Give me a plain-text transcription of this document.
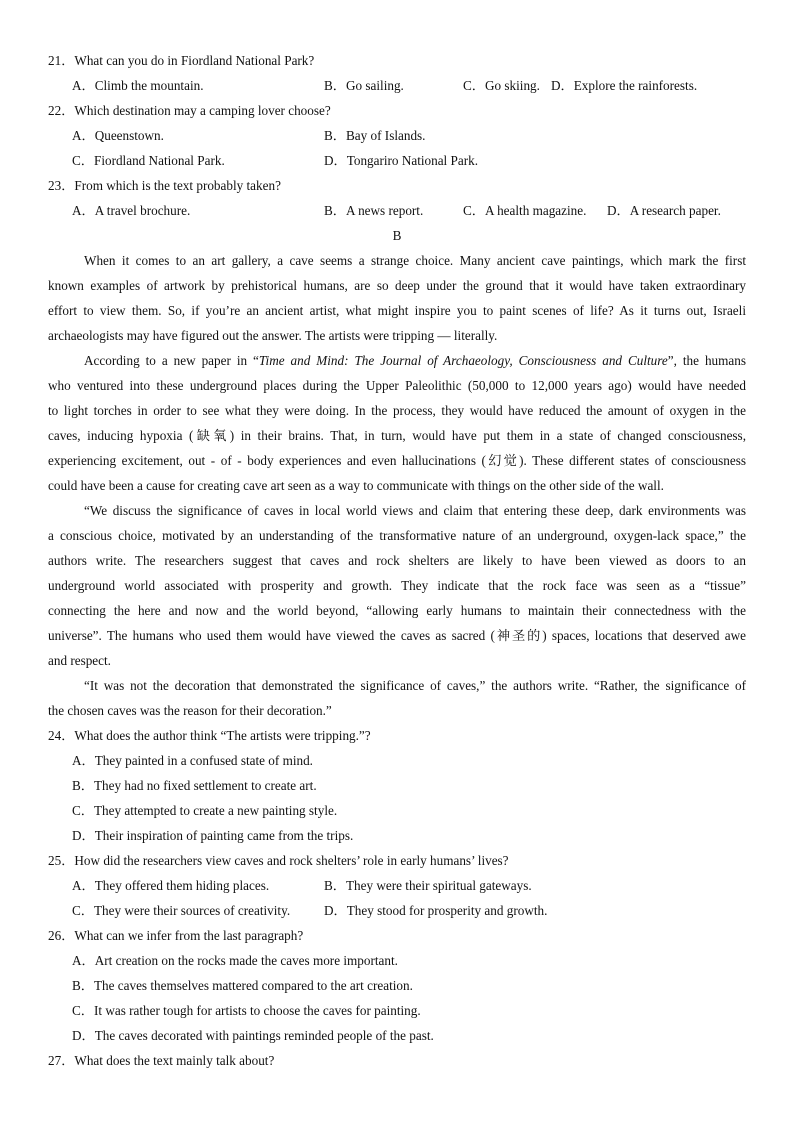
21．What can you do in Fiordland National Park?
A．Climb the mountain.	B．Go sailing.	C．Go skiing. D．Explore the rainforests.
22．Which destination may a camping lover choose?
A．Queenstown.	B．Bay of Islands.
C．Fiordland National Park.	D．Tongariro National Park.
23．From which is the text probably taken?
A．A travel brochure.	B．A news report.	C．A health magazine. D．A research paper.
B
When it comes to an art gallery, a cave seems a strange choice. Many ancient cave paintings, which mark the first
known examples of artwork by prehistorical humans, are so deep under the ground that it would have taken extraordinary
effort to view them. So, if you’re an ancient artist, what might inspire you to paint scenes of life? As it turns out, Israeli
archaeologists may have figured out the answer. The artists were tripping — literally.
According to a new paper in “Time and Mind: The Journal of Archaeology, Consciousness and Culture”, the humans
who ventured into these underground places during the Upper Paleolithic (50,000 to 12,000 years ago) would have needed
to light torches in order to see what they were doing. In the process, they would have reduced the amount of oxygen in the
caves, inducing hypoxia (缺氧) in their brains. That, in turn, would have put them in a state of changed consciousness,
experiencing excitement, out - of - body experiences and even hallucinations (幻觉). These different states of consciousness
could have been a cause for creating cave art seen as a way to communicate with things on the other side of the wall.
“We discuss the significance of caves in local world views and claim that entering these deep, dark environments was
a conscious choice, motivated by an understanding of the transformative nature of an underground, oxygen-lack space,” the
authors write. The researchers suggest that caves and rock shelters are likely to have been viewed as doors to an
underground world associated with prosperity and growth. They indicate that the rock face was seen as a “tissue”
connecting the here and now and the world beyond, “allowing early humans to maintain their connectedness with the
universe”. The humans who used them would have viewed the caves as sacred (神圣的) spaces, locations that deserved awe
and respect.
“It was not the decoration that demonstrated the significance of caves,” the authors write. “Rather, the significance of
the chosen caves was the reason for their decoration.”
24．What does the author think “The artists were tripping.”?
A．They painted in a confused state of mind.
B．They had no fixed settlement to create art.
C．They attempted to create a new painting style.
D．Their inspiration of painting came from the trips.
25．How did the researchers view caves and rock shelters’ role in early humans’ lives?
A．They offered them hiding places.	B．They were their spiritual gateways.
C．They were their sources of creativity.	D．They stood for prosperity and growth.
26．What can we infer from the last paragraph?
A．Art creation on the rocks made the caves more important.
B．The caves themselves mattered compared to the art creation.
C．It was rather tough for artists to choose the caves for painting.
D．The caves decorated with paintings reminded people of the past.
27．What does the text mainly talk about?
